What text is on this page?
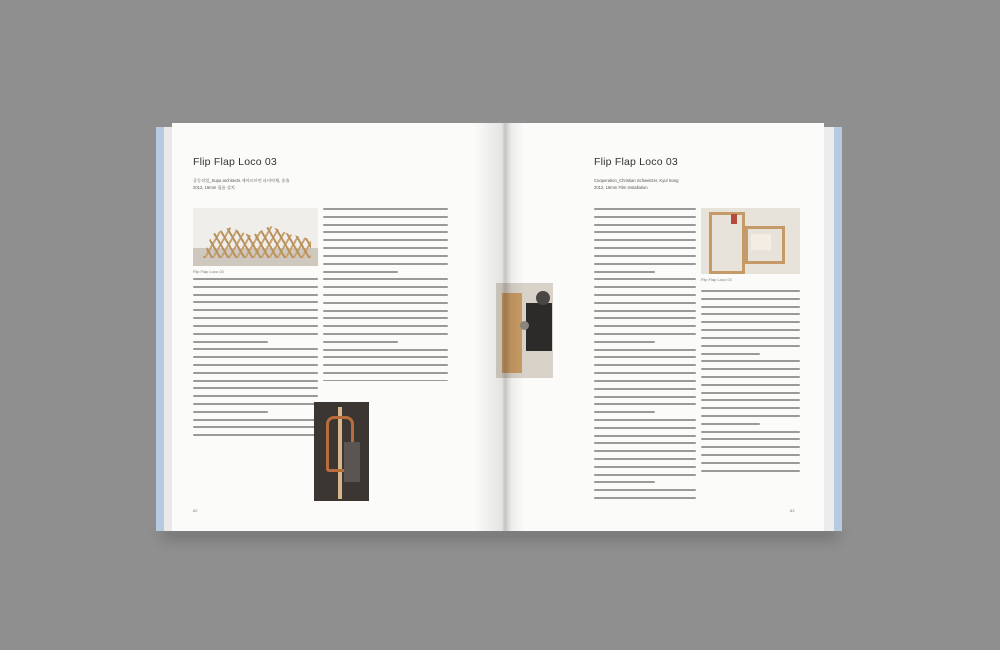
Flip Flap Loco 03
공동작업_Supa architects 제아르브린 파비아체, 송율
2012, 16mm 필름 설치
Flip Flap Loco 03
62
Flip Flap Loco 03
Cooperation_Christian Schweitzer, Kyul Song
2012, 16mm Film Installation
Flip Flap Loco 03
63
